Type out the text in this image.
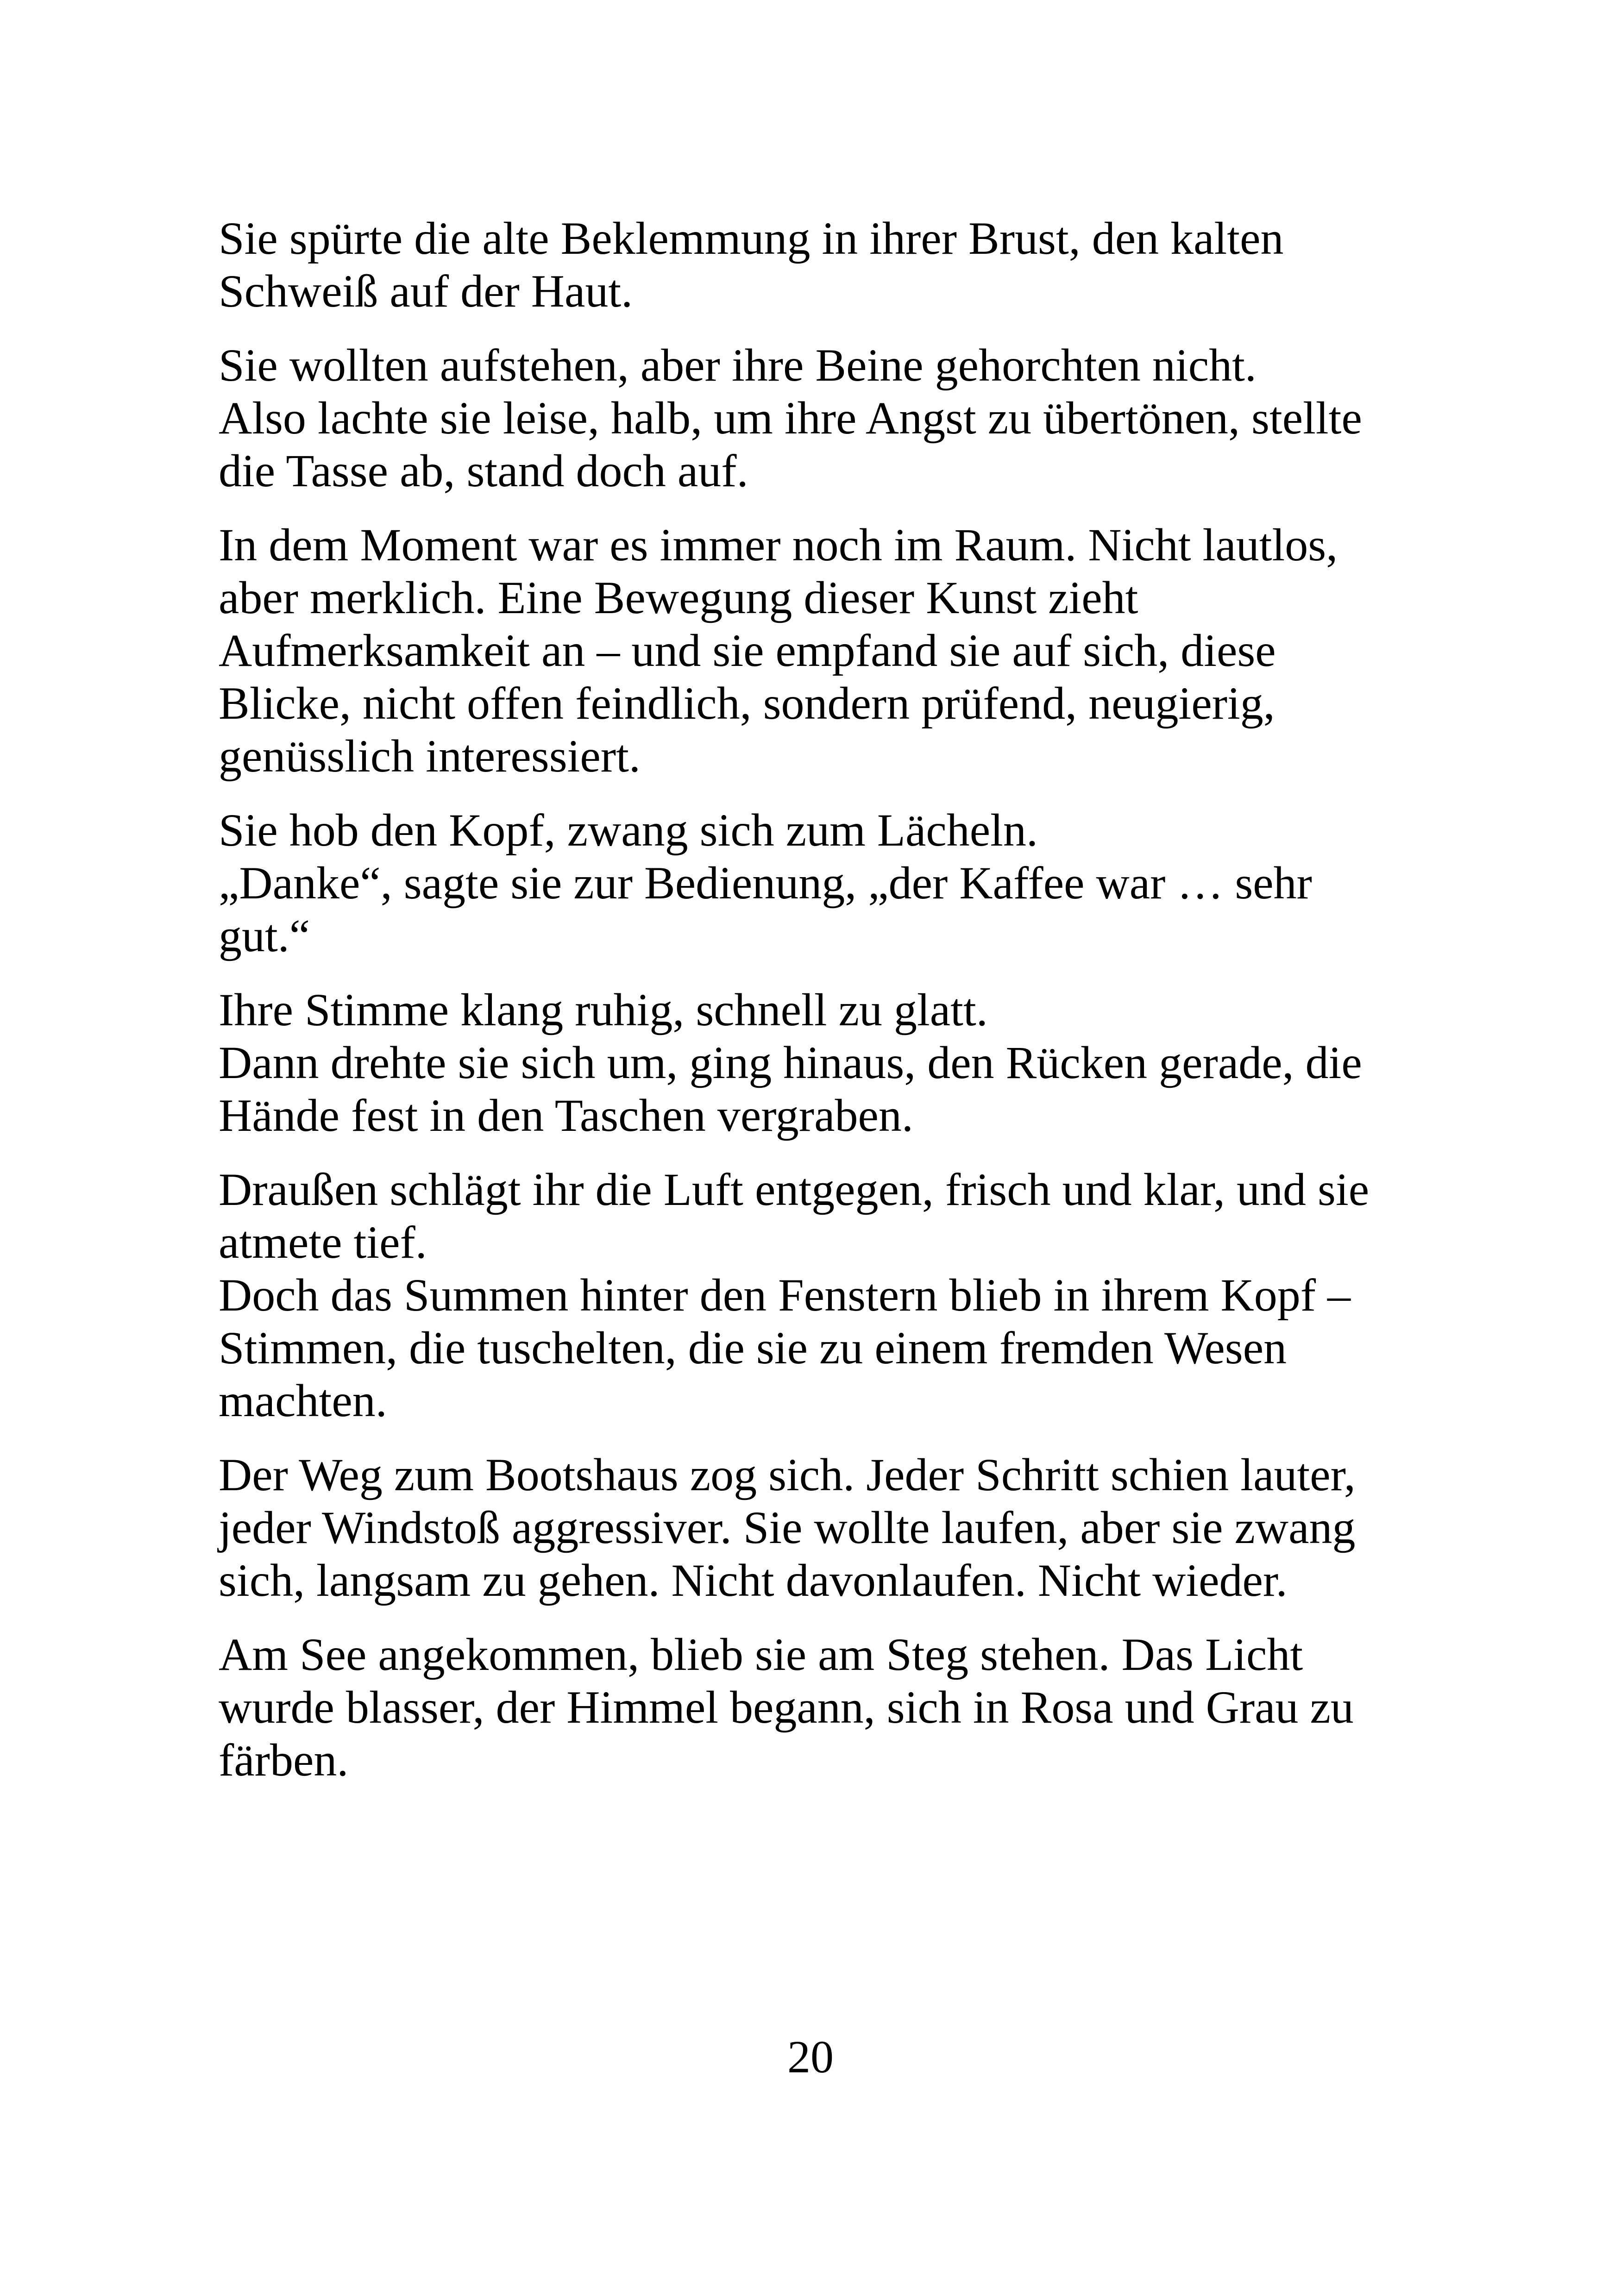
Sie spürte die alte Beklemmung in ihrer Brust, den kalten
Schweiß auf der Haut.

Sie wollten aufstehen, aber ihre Beine gehorchten nicht.
Also lachte sie leise, halb, um ihre Angst zu übertönen, stellte
die Tasse ab, stand doch auf.

In dem Moment war es immer noch im Raum. Nicht lautlos,
aber merklich. Eine Bewegung dieser Kunst zieht
Aufmerksamkeit an – und sie empfand sie auf sich, diese
Blicke, nicht offen feindlich, sondern prüfend, neugierig,
genüsslich interessiert.

Sie hob den Kopf, zwang sich zum Lächeln.
„Danke“, sagte sie zur Bedienung, „der Kaffee war … sehr
gut.“

Ihre Stimme klang ruhig, schnell zu glatt.
Dann drehte sie sich um, ging hinaus, den Rücken gerade, die
Hände fest in den Taschen vergraben.

Draußen schlägt ihr die Luft entgegen, frisch und klar, und sie
atmete tief.
Doch das Summen hinter den Fenstern blieb in ihrem Kopf –
Stimmen, die tuschelten, die sie zu einem fremden Wesen
machten.

Der Weg zum Bootshaus zog sich. Jeder Schritt schien lauter,
jeder Windstoß aggressiver. Sie wollte laufen, aber sie zwang
sich, langsam zu gehen. Nicht davonlaufen. Nicht wieder.

Am See angekommen, blieb sie am Steg stehen. Das Licht
wurde blasser, der Himmel begann, sich in Rosa und Grau zu
färben.

20
